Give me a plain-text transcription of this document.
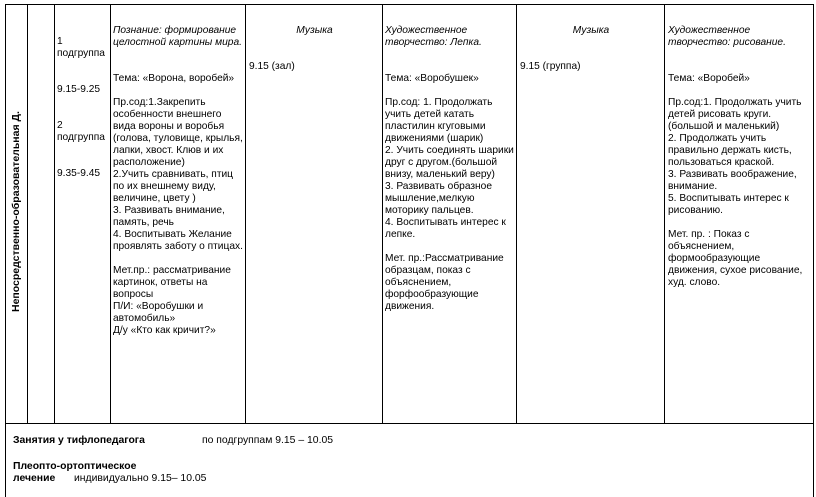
Непосредственно-образовательная Д.

1
подгруппа

9.15-9.25

2
подгруппа

9.35-9.45

Познание: формирование целостной картины мира.

Тема: «Ворона, воробей»

Пр.сод:1.Закрепить особенности внешнего вида вороны и воробья (голова, туловище, крылья, лапки, хвост. Клюв и их расположение)
2.Учить сравнивать, птиц по их внешнему виду, величине, цвету )
3. Развивать внимание, память, речь
4. Воспитывать Желание проявлять заботу о птицах.

Мет.пр.: рассматривание картинок, ответы на вопросы
П/И: «Воробушки и автомобиль»
Д/у «Кто как кричит?»

Музыка

9.15 (зал)

Художественное творчество: Лепка.

Тема: «Воробушек»

Пр.сод: 1. Продолжать учить детей катать пластилин кгуговыми движениями (шарик)
2. Учить соединять шарики друг с другом.(большой внизу, маленький веру)
3. Развивать образное мышление,мелкую моторику пальцев.
4. Воспитывать интерес к лепке.

Мет. пр.:Рассматривание образцам, показ с объяснением, форфообразующие движения.

Музыка

9.15 (группа)

Художественное творчество: рисование.

Тема: «Воробей»

Пр.сод:1. Продолжать учить детей рисовать круги.(большой и маленький)
2. Продолжать учить правильно держать кисть, пользоваться краской.
3. Развивать воображение, внимание.
5. Воспитывать интерес к рисованию.

Мет. пр. : Показ с объяснением, формообразующие движения, сухое рисование, худ. слово.

Занятия у тифлопедагога	по подгруппам 9.15 – 10.05
Плеопто-ортоптическое
лечение индивидуально 9.15– 10.05
